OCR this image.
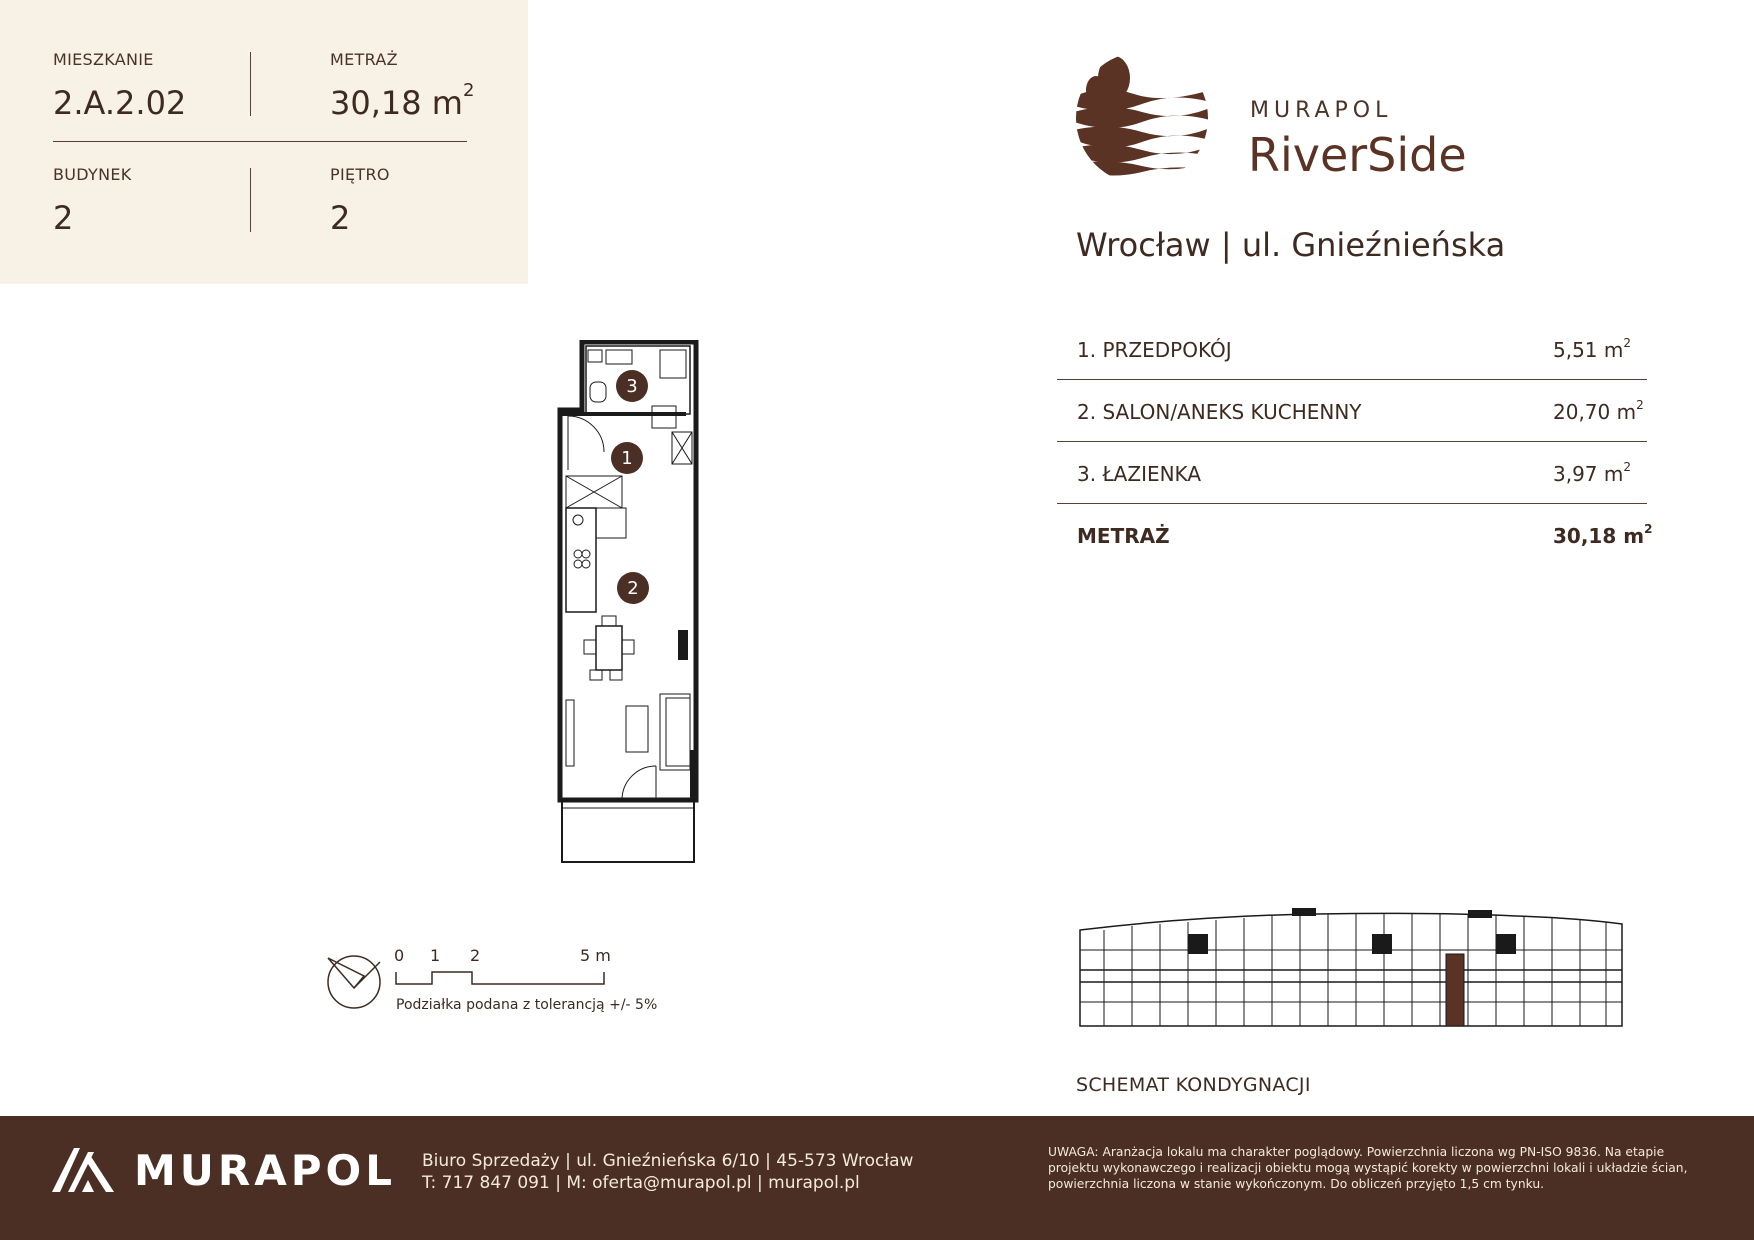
MIESZKANIE
2.A.2.02
METRAŻ
30,18 $m^2$
BUDYNEK
2
PIĘTRO
2
MURAPOL
RiverSide
Wrocław | ul. Gnieźnieńska
1. PRZEDPOKÓJ	5,51 $m^2$
2. SALON/ANEKS KUCHENNY	20,70 $m^2$
3. ŁAZIENKA	3,97 $m^2$
METRAŻ	30,18 $m^2$
3
1
2
0 1 2	5 m
Podziałka podana z tolerancją +/- 5%
SCHEMAT KONDYGNACJI
MURAPOL Biuro Sprzedaży | ul. Gnieźnieńska 6/10 | 45-573 Wrocław
T: 717 847 091 | M: oferta@murapol.pl | murapol.pl
UWAGA: Aranżacja lokalu ma charakter poglądowy. Powierzchnia liczona wg PN-ISO 9836. Na etapie projektu wykonawczego i realizacji obiektu mogą wystąpić korekty w powierzchni lokali i układzie ścian, powierzchnia liczona w stanie wykończonym. Do obliczeń przyjęto 1,5 cm tynku.
